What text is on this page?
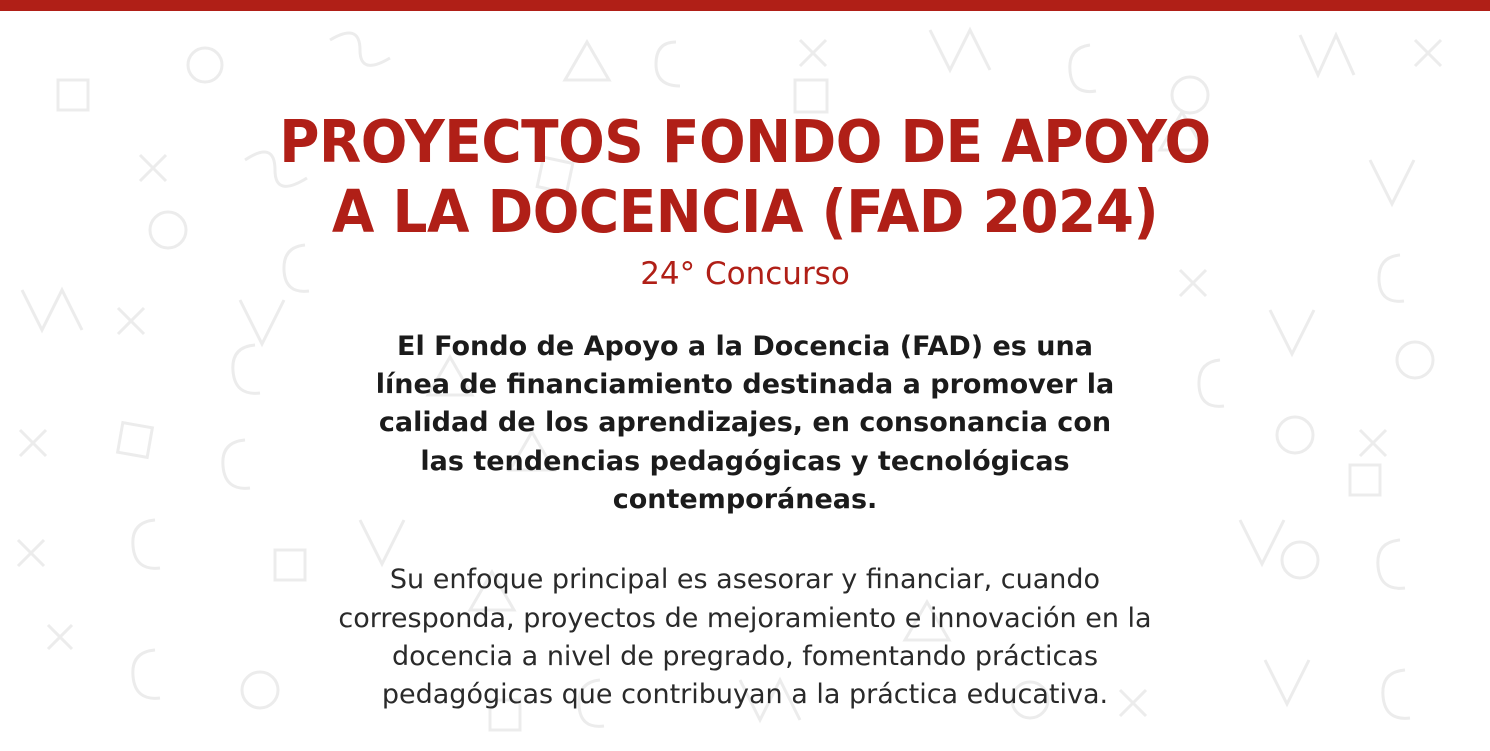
PROYECTOS FONDO DE APOYO
A LA DOCENCIA (FAD 2024)
24° Concurso

El Fondo de Apoyo a la Docencia (FAD) es una línea de financiamiento destinada a promover la calidad de los aprendizajes, en consonancia con las tendencias pedagógicas y tecnológicas contemporáneas.

Su enfoque principal es asesorar y financiar, cuando corresponda, proyectos de mejoramiento e innovación en la docencia a nivel de pregrado, fomentando prácticas pedagógicas que contribuyan a la práctica educativa.
